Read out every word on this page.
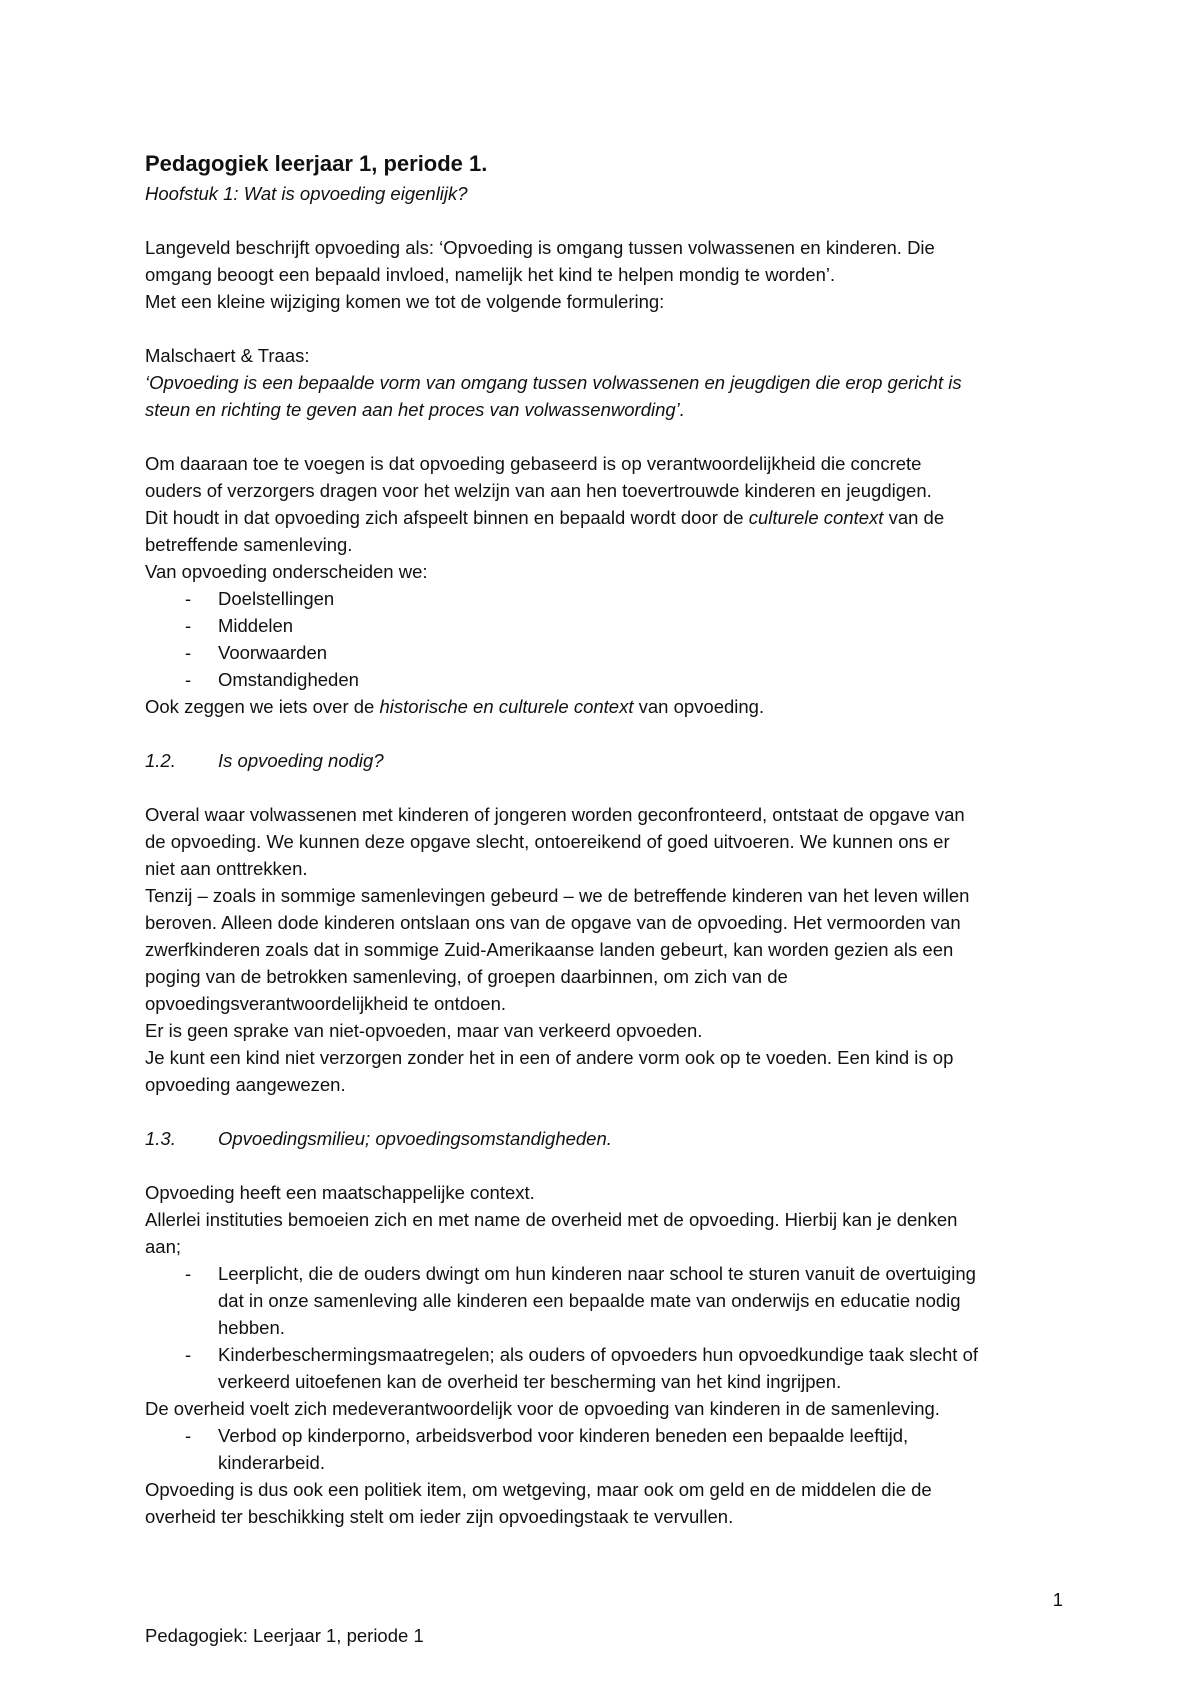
Pedagogiek leerjaar 1, periode 1.
Hoofstuk 1: Wat is opvoeding eigenlijk?
Langeveld beschrijft opvoeding als: ‘Opvoeding is omgang tussen volwassenen en kinderen. Die
omgang beoogt een bepaald invloed, namelijk het kind te helpen mondig te worden’.
Met een kleine wijziging komen we tot de volgende formulering:
Malschaert & Traas:
‘Opvoeding is een bepaalde vorm van omgang tussen volwassenen en jeugdigen die erop gericht is
steun en richting te geven aan het proces van volwassenwording’.
Om daaraan toe te voegen is dat opvoeding gebaseerd is op verantwoordelijkheid die concrete
ouders of verzorgers dragen voor het welzijn van aan hen toevertrouwde kinderen en jeugdigen.
Dit houdt in dat opvoeding zich afspeelt binnen en bepaald wordt door de culturele context van de
betreffende samenleving.
Van opvoeding onderscheiden we:
- Doelstellingen
- Middelen
- Voorwaarden
- Omstandigheden
Ook zeggen we iets over de historische en culturele context van opvoeding.
1.2. Is opvoeding nodig?
Overal waar volwassenen met kinderen of jongeren worden geconfronteerd, ontstaat de opgave van
de opvoeding. We kunnen deze opgave slecht, ontoereikend of goed uitvoeren. We kunnen ons er
niet aan onttrekken.
Tenzij – zoals in sommige samenlevingen gebeurd – we de betreffende kinderen van het leven willen
beroven. Alleen dode kinderen ontslaan ons van de opgave van de opvoeding. Het vermoorden van
zwerfkinderen zoals dat in sommige Zuid-Amerikaanse landen gebeurt, kan worden gezien als een
poging van de betrokken samenleving, of groepen daarbinnen, om zich van de
opvoedingsverantwoordelijkheid te ontdoen.
Er is geen sprake van niet-opvoeden, maar van verkeerd opvoeden.
Je kunt een kind niet verzorgen zonder het in een of andere vorm ook op te voeden. Een kind is op
opvoeding aangewezen.
1.3. Opvoedingsmilieu; opvoedingsomstandigheden.
Opvoeding heeft een maatschappelijke context.
Allerlei instituties bemoeien zich en met name de overheid met de opvoeding. Hierbij kan je denken
aan;
- Leerplicht, die de ouders dwingt om hun kinderen naar school te sturen vanuit de overtuiging
dat in onze samenleving alle kinderen een bepaalde mate van onderwijs en educatie nodig
hebben.
- Kinderbeschermingsmaatregelen; als ouders of opvoeders hun opvoedkundige taak slecht of
verkeerd uitoefenen kan de overheid ter bescherming van het kind ingrijpen.
De overheid voelt zich medeverantwoordelijk voor de opvoeding van kinderen in de samenleving.
- Verbod op kinderporno, arbeidsverbod voor kinderen beneden een bepaalde leeftijd,
kinderarbeid.
Opvoeding is dus ook een politiek item, om wetgeving, maar ook om geld en de middelen die de
overheid ter beschikking stelt om ieder zijn opvoedingstaak te vervullen.
1
Pedagogiek: Leerjaar 1, periode 1
